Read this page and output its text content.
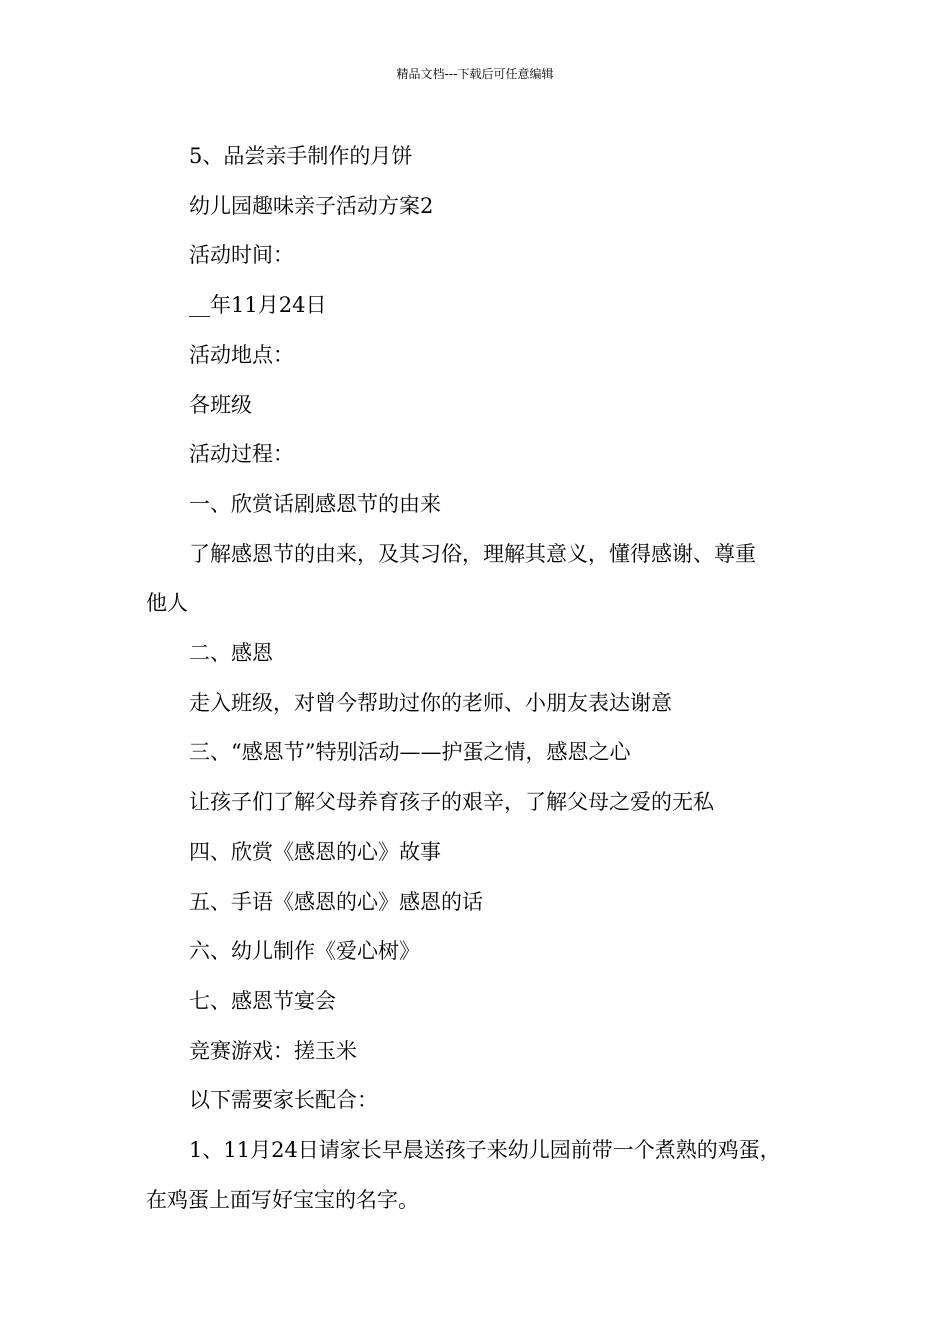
精品文档---下载后可任意编辑

5、品尝亲手制作的月饼

幼儿园趣味亲子活动方案2

活动时间：

__年11月24日

活动地点：

各班级

活动过程：

一、欣赏话剧感恩节的由来

了解感恩节的由来，及其习俗，理解其意义，懂得感谢、尊重

他人

二、感恩

走入班级，对曾今帮助过你的老师、小朋友表达谢意

三、“感恩节”特别活动——护蛋之情，感恩之心

让孩子们了解父母养育孩子的艰辛，了解父母之爱的无私

四、欣赏《感恩的心》故事

五、手语《感恩的心》感恩的话

六、幼儿制作《爱心树》

七、感恩节宴会

竞赛游戏：搓玉米

以下需要家长配合：

1、11月24日请家长早晨送孩子来幼儿园前带一个煮熟的鸡蛋，

在鸡蛋上面写好宝宝的名字。
